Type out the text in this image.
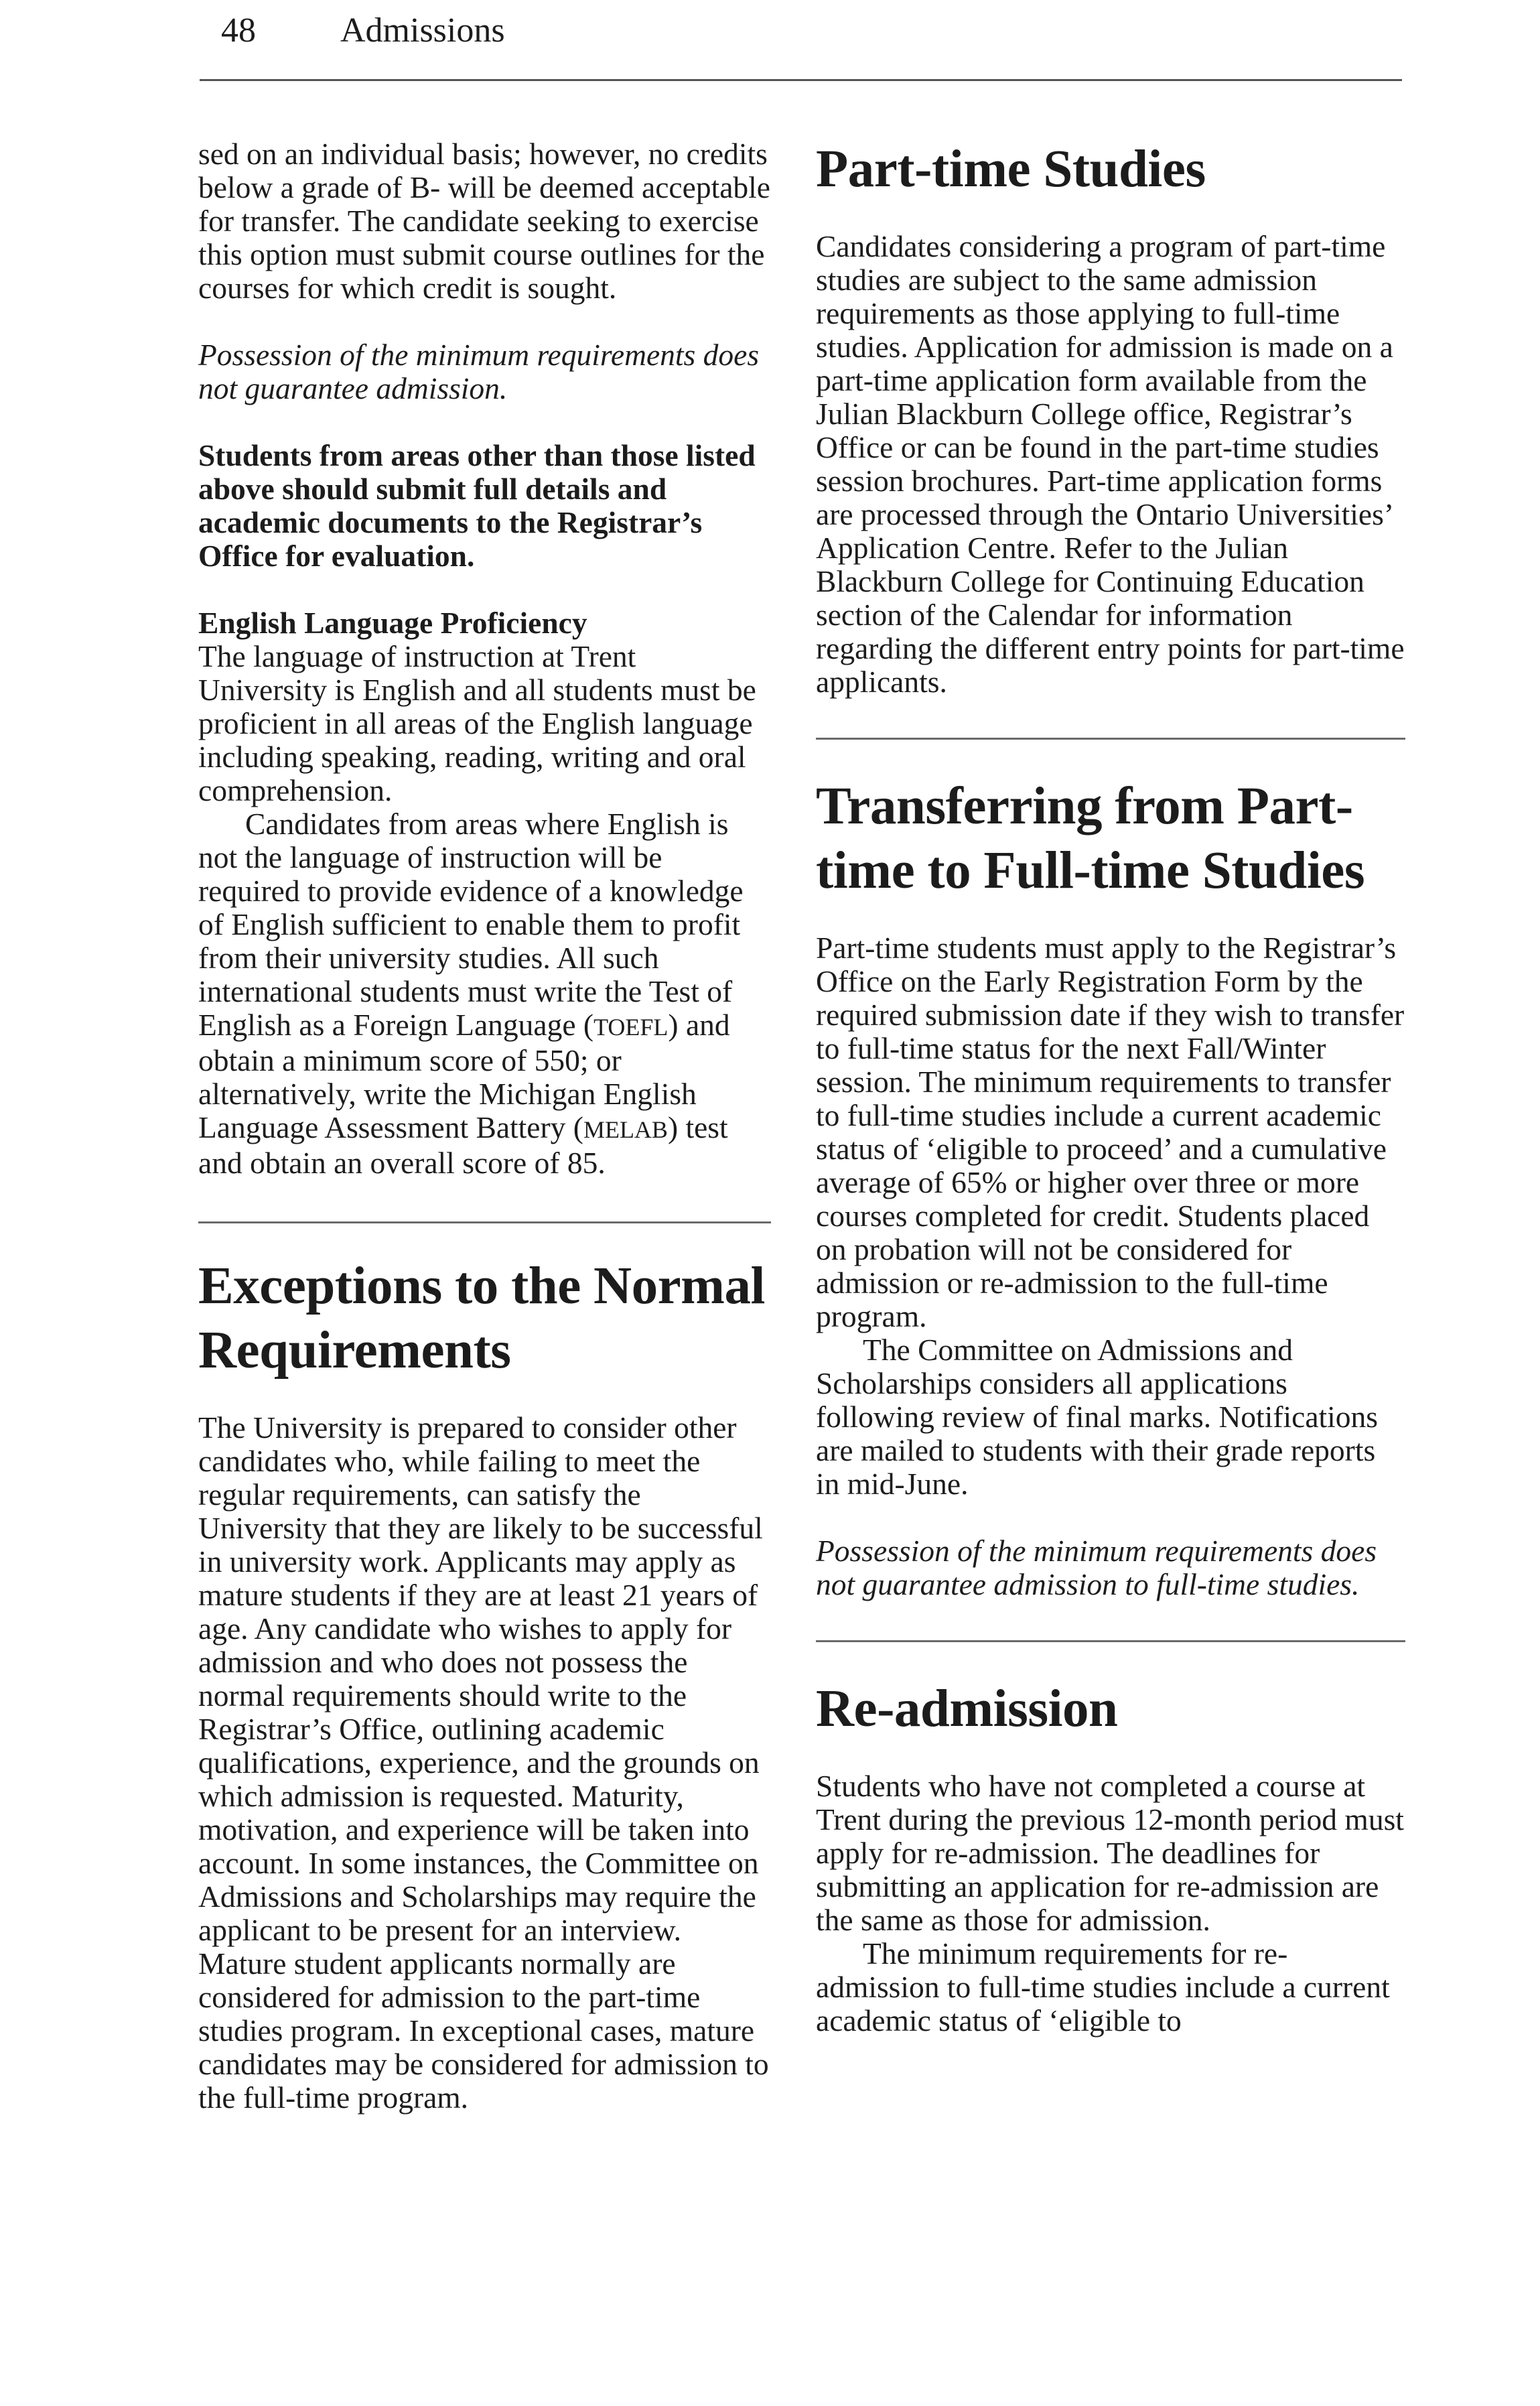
48 Admissions

sed on an individual basis; however, no credits below a grade of B- will be deemed acceptable for transfer. The candidate seeking to exercise this option must submit course outlines for the courses for which credit is sought.

Possession of the minimum requirements does not guarantee admission.

Students from areas other than those listed above should submit full details and academic documents to the Registrar’s Office for evaluation.

English Language Proficiency

The language of instruction at Trent University is English and all students must be proficient in all areas of the English language including speaking, reading, writing and oral comprehension.

Candidates from areas where English is not the language of instruction will be required to provide evidence of a knowledge of English sufficient to enable them to profit from their university studies. All such international students must write the Test of English as a Foreign Language (TOEFL) and obtain a minimum score of 550; or alternatively, write the Michigan English Language Assessment Battery (MELAB) test and obtain an overall score of 85.

Exceptions to the Normal Requirements

The University is prepared to consider other candidates who, while failing to meet the regular requirements, can satisfy the University that they are likely to be successful in university work. Applicants may apply as mature students if they are at least 21 years of age. Any candidate who wishes to apply for admission and who does not possess the normal requirements should write to the Registrar’s Office, outlining academic qualifications, experience, and the grounds on which admission is requested. Maturity, motivation, and experience will be taken into account. In some instances, the Committee on Admissions and Scholarships may require the applicant to be present for an interview. Mature student applicants normally are considered for admission to the part-time studies program. In exceptional cases, mature candidates may be considered for admission to the full-time program.

Part-time Studies

Candidates considering a program of part-time studies are subject to the same admission requirements as those applying to full-time studies. Application for admission is made on a part-time application form available from the Julian Blackburn College office, Registrar’s Office or can be found in the part-time studies session brochures. Part-time application forms are processed through the Ontario Universities’ Application Centre. Refer to the Julian Blackburn College for Continuing Education section of the Calendar for information regarding the different entry points for part-time applicants.

Transferring from Part-time to Full-time Studies

Part-time students must apply to the Registrar’s Office on the Early Registration Form by the required submission date if they wish to transfer to full-time status for the next Fall/Winter session. The minimum requirements to transfer to full-time studies include a current academic status of ‘eligible to proceed’ and a cumulative average of 65% or higher over three or more courses completed for credit. Students placed on probation will not be considered for admission or re-admission to the full-time program.

The Committee on Admissions and Scholarships considers all applications following review of final marks. Notifications are mailed to students with their grade reports in mid-June.

Possession of the minimum requirements does not guarantee admission to full-time studies.

Re-admission

Students who have not completed a course at Trent during the previous 12-month period must apply for re-admission. The deadlines for submitting an application for re-admission are the same as those for admission.

The minimum requirements for re-admission to full-time studies include a current academic status of ‘eligible to
